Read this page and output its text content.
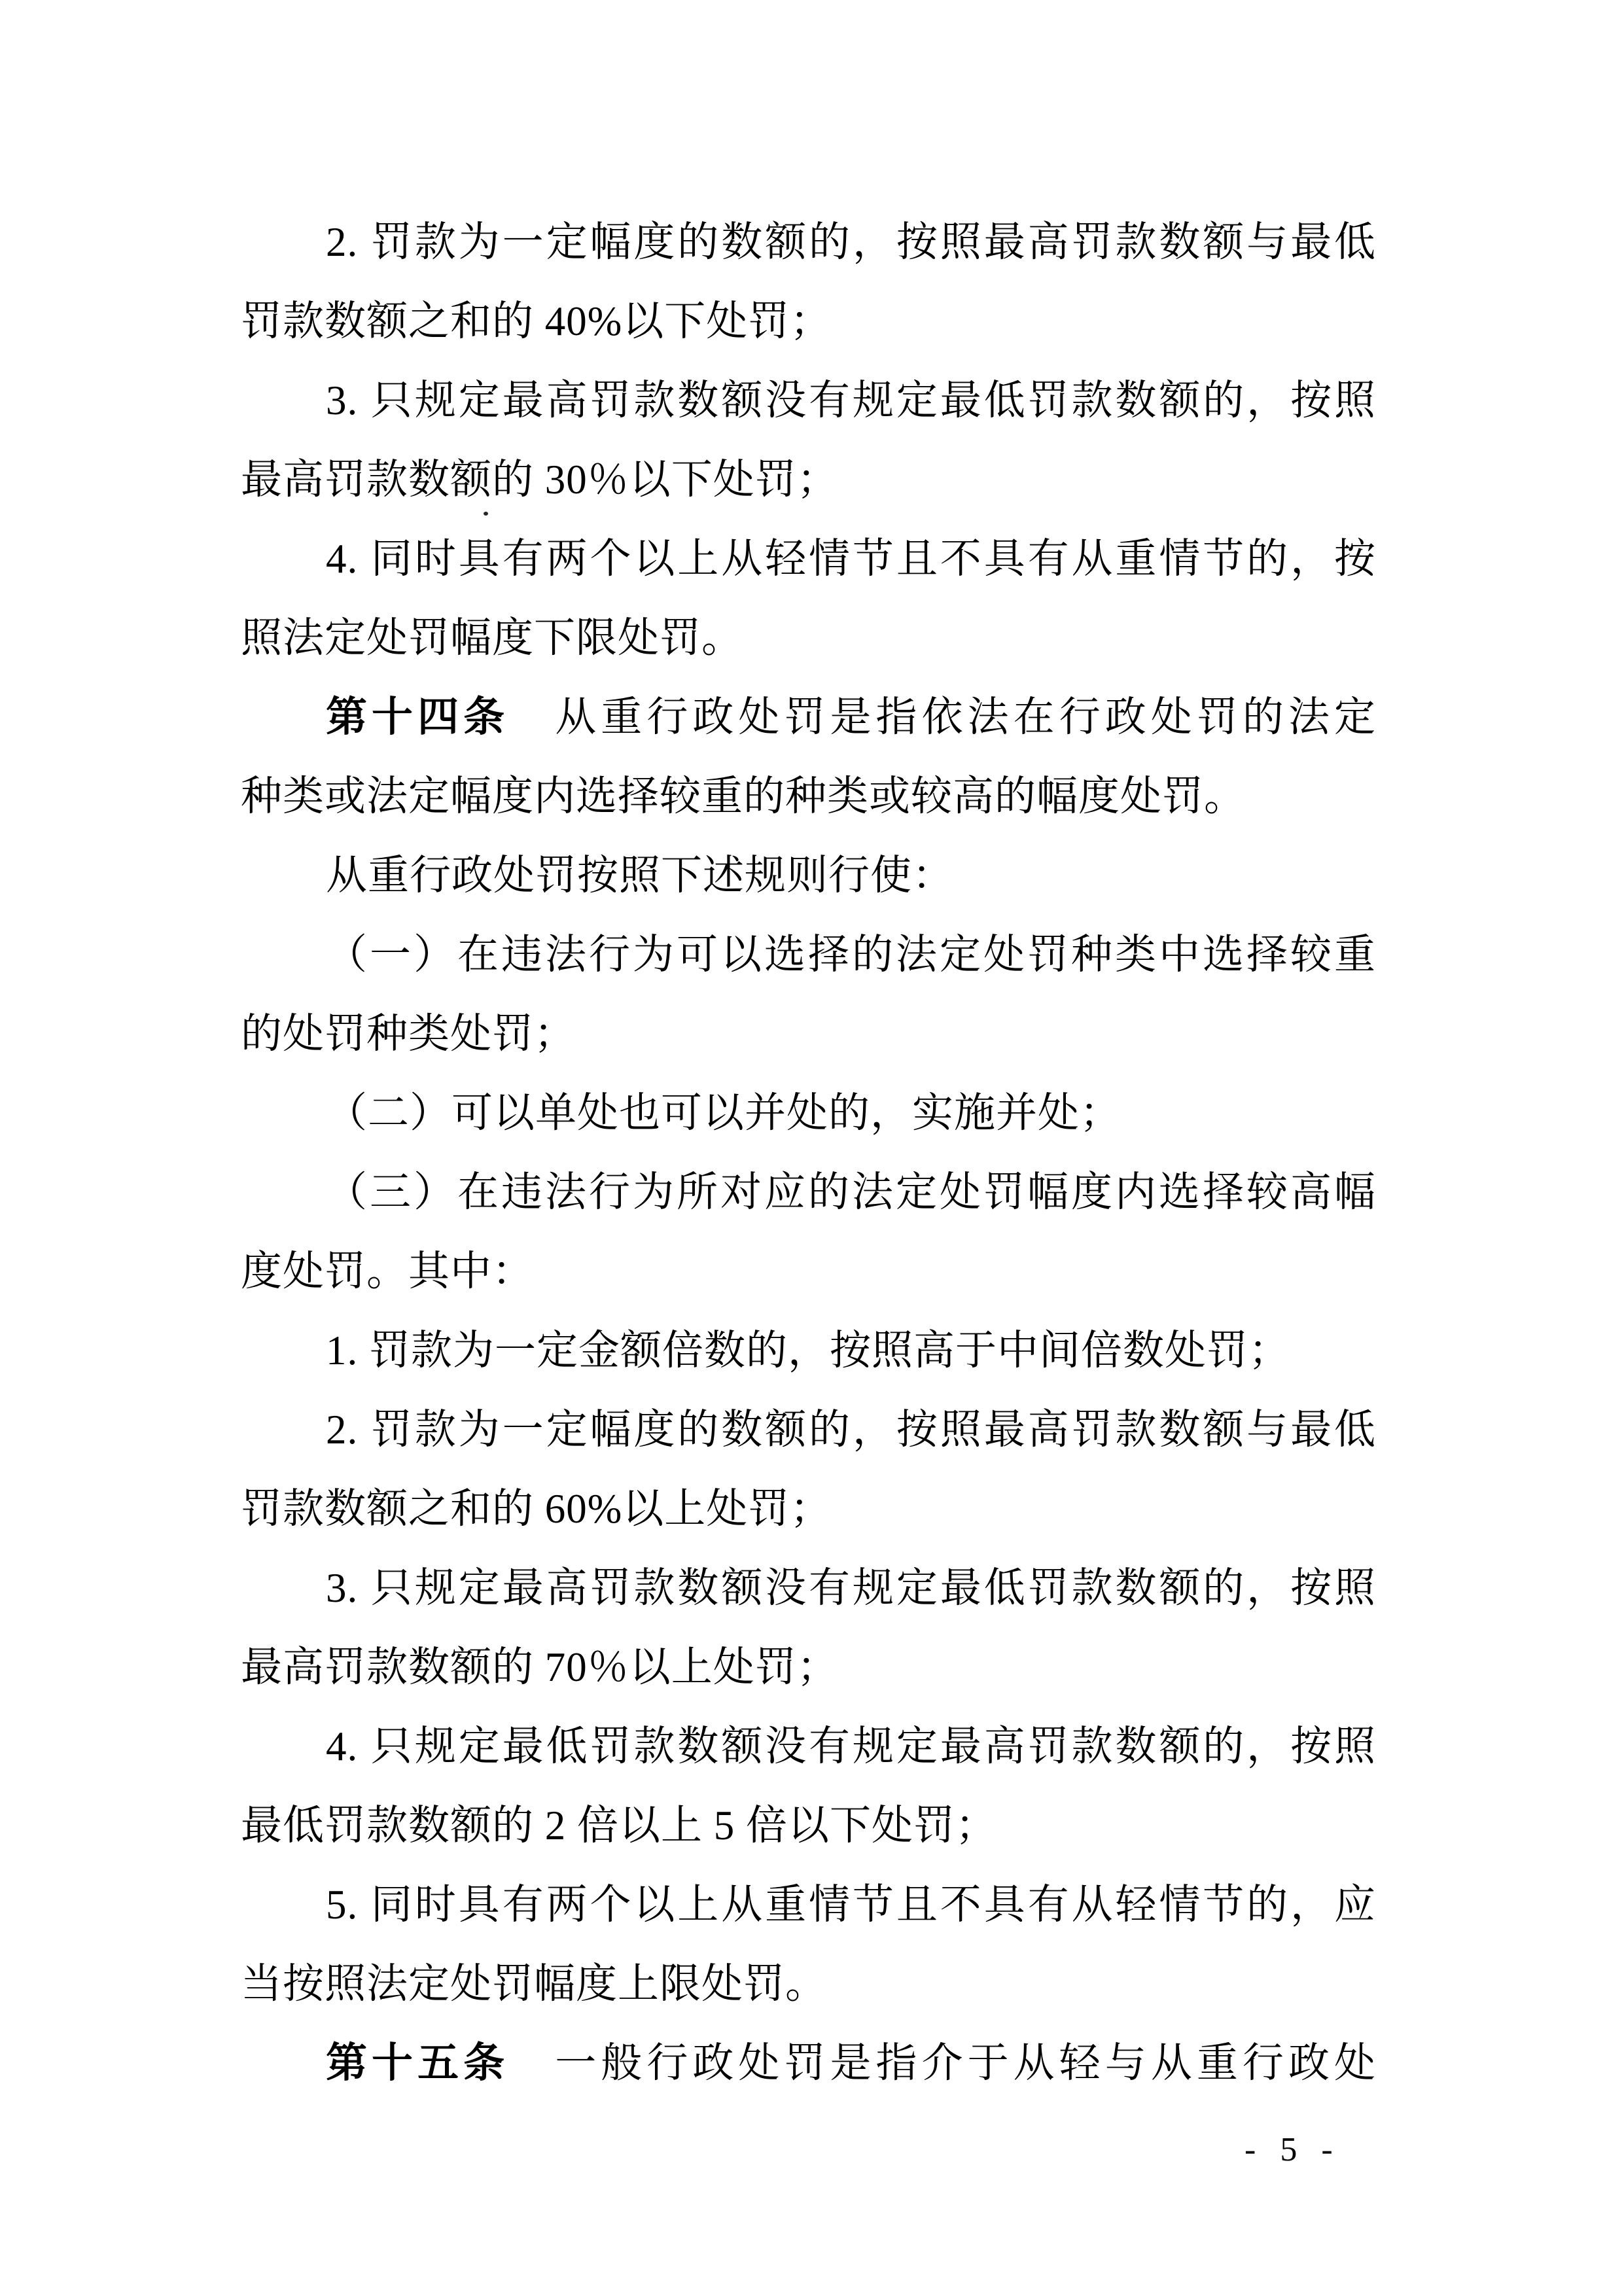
2. 罚款为一定幅度的数额的，按照最高罚款数额与最低
罚款数额之和的 40%以下处罚；
3. 只规定最高罚款数额没有规定最低罚款数额的，按照
最高罚款数额的 30％以下处罚；
4. 同时具有两个以上从轻情节且不具有从重情节的，按
照法定处罚幅度下限处罚。
第十四条　从重行政处罚是指依法在行政处罚的法定
种类或法定幅度内选择较重的种类或较高的幅度处罚。
从重行政处罚按照下述规则行使：
（一）在违法行为可以选择的法定处罚种类中选择较重
的处罚种类处罚；
（二）可以单处也可以并处的，实施并处；
（三）在违法行为所对应的法定处罚幅度内选择较高幅
度处罚。其中：
1. 罚款为一定金额倍数的，按照高于中间倍数处罚；
2. 罚款为一定幅度的数额的，按照最高罚款数额与最低
罚款数额之和的 60%以上处罚；
3. 只规定最高罚款数额没有规定最低罚款数额的，按照
最高罚款数额的 70％以上处罚；
4. 只规定最低罚款数额没有规定最高罚款数额的，按照
最低罚款数额的 2 倍以上 5 倍以下处罚；
5. 同时具有两个以上从重情节且不具有从轻情节的，应
当按照法定处罚幅度上限处罚。
第十五条　一般行政处罚是指介于从轻与从重行政处
- 5 -
